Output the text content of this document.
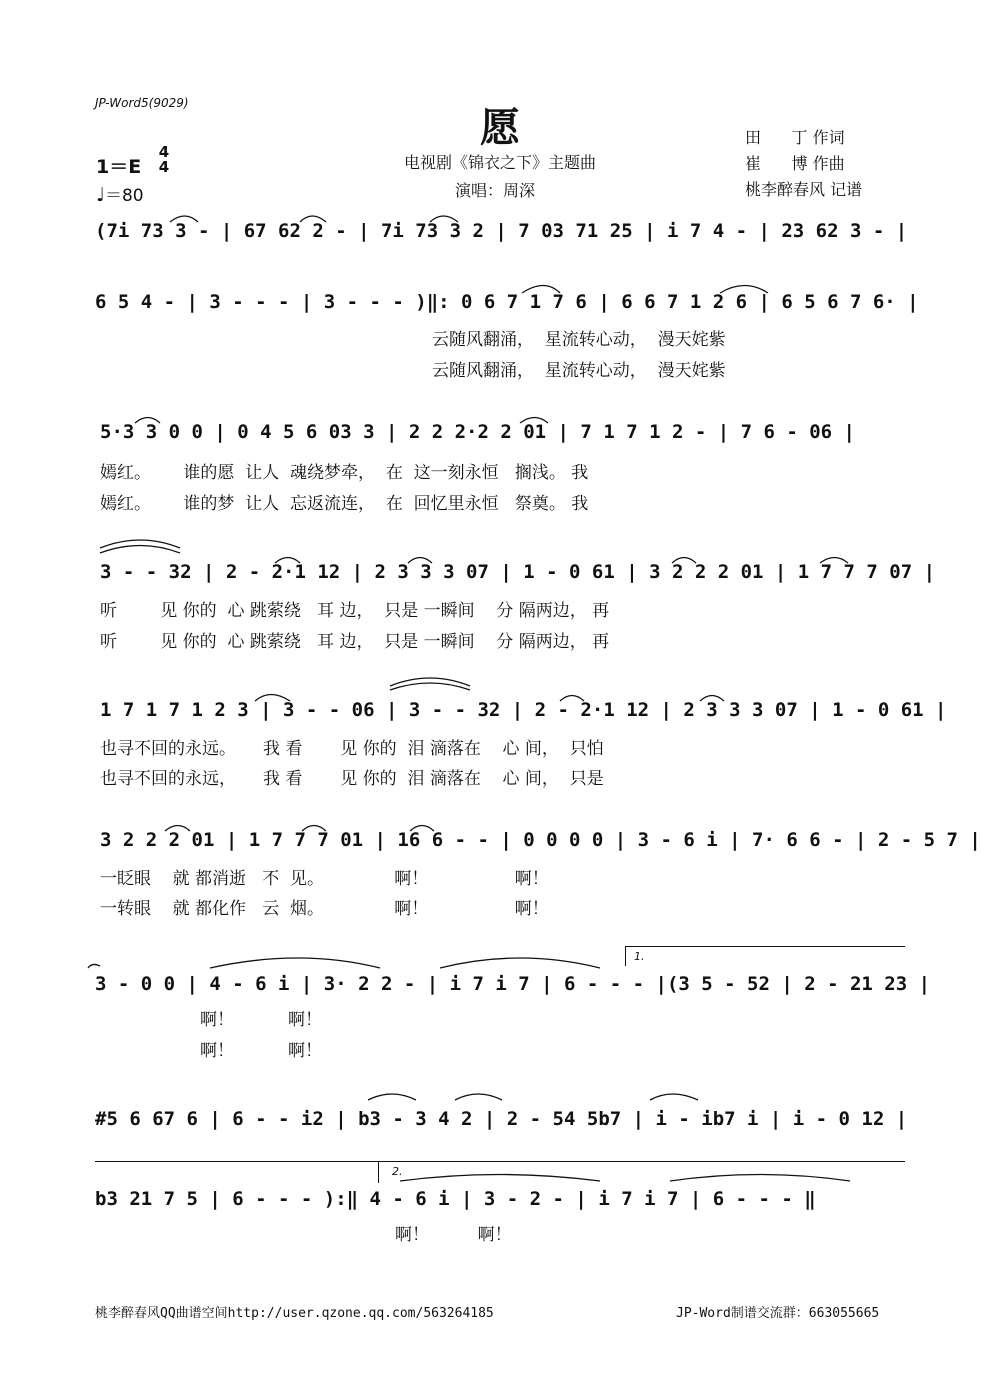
JP-Word5(9029)
愿
电视剧《锦衣之下》主题曲
演唱：周深
田      丁 作词
崔      博 作曲
桃李醉春风 记谱
1＝E
4
4
♩＝80
(7i 73 3 - | 67 62 2 - | 7i 73 3 2 | 7 03 71 25 | i 7 4 - | 23 62 3 - |
6 5 4 - | 3 - - - | 3 - - - )‖: 0 6 7 1 7 6 | 6 6 7 1 2 6 | 6 5 6 7 6· |
云随风翻涌，  星流转心动，  漫天姹紫
云随风翻涌，  星流转心动，  漫天姹紫
5·3 3 0 0 | 0 4 5 6 03 3 | 2 2 2·2 2 01 | 7 1 7 1 2 - | 7 6 - 06 |
嫣红。      谁的愿  让人  魂绕梦牵，  在  这一刻永恒   搁浅。 我
嫣红。      谁的梦  让人  忘返流连，  在  回忆里永恒   祭奠。 我
3 - - 32 | 2 - 2·1 12 | 2 3 3 3 07 | 1 - 0 61 | 3 2 2 2 01 | 1 7 7 7 07 |
听        见 你的  心 跳萦绕   耳 边，  只是 一瞬间    分 隔两边， 再
听        见 你的  心 跳萦绕   耳 边，  只是 一瞬间    分 隔两边， 再
1 7 1 7 1 2 3 | 3 - - 06 | 3 - - 32 | 2 - 2·1 12 | 2 3 3 3 07 | 1 - 0 61 |
也寻不回的永远。     我 看       见 你的  泪 滴落在    心 间，  只怕
也寻不回的永远，     我 看       见 你的  泪 滴落在    心 间，  只是
3 2 2 2 01 | 1 7 7 7 01 | 16 6 - - | 0 0 0 0 | 3 - 6 i | 7· 6 6 - | 2 - 5 7 |
一眨眼    就 都消逝   不  见。             啊！                啊！
一转眼    就 都化作   云  烟。             啊！                啊！
3 - 0 0 | 4 - 6 i | 3· 2 2 - | i 7 i 7 | 6 - - - |(3 5 - 52 | 2 - 21 23 |
啊！          啊！
啊！          啊！
#5 6 67 6 | 6 - - i2 | b3 - 3 4 2 | 2 - 54 5b7 | i - ib7 i | i - 0 12 |
b3 21 7 5 | 6 - - - ):‖ 4 - 6 i | 3 - 2 - | i 7 i 7 | 6 - - - ‖
啊！         啊！
1.
2.
桃李醉春风QQ曲谱空间http://user.qzone.qq.com/563264185	JP-Word制谱交流群：663055665
